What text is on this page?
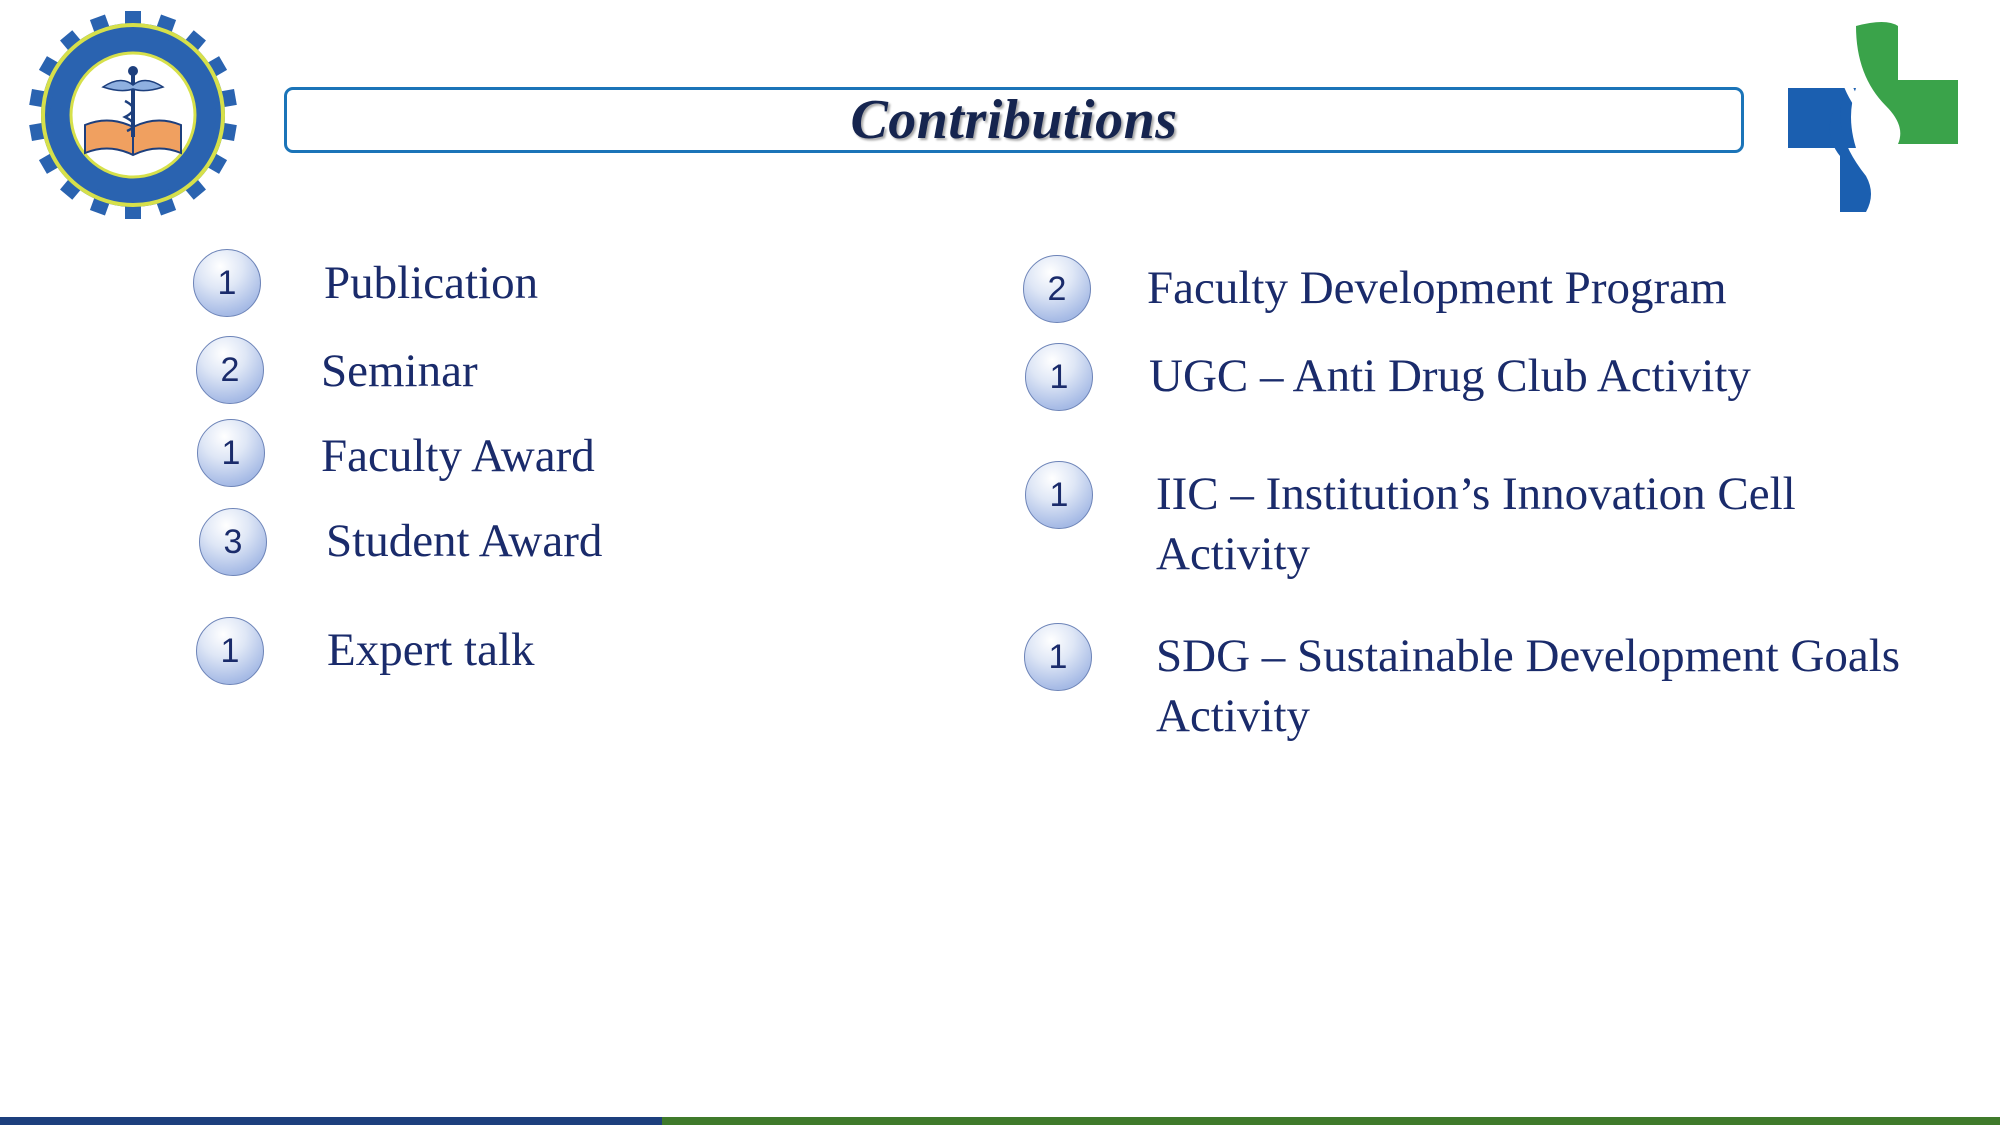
Contributions
1	Publication
2	Seminar
1	Faculty Award
3	Student Award
1	Expert talk
2	Faculty Development Program
1	UGC – Anti Drug Club Activity
1	IIC – Institution’s Innovation Cell
Activity
1	SDG – Sustainable Development Goals
Activity
